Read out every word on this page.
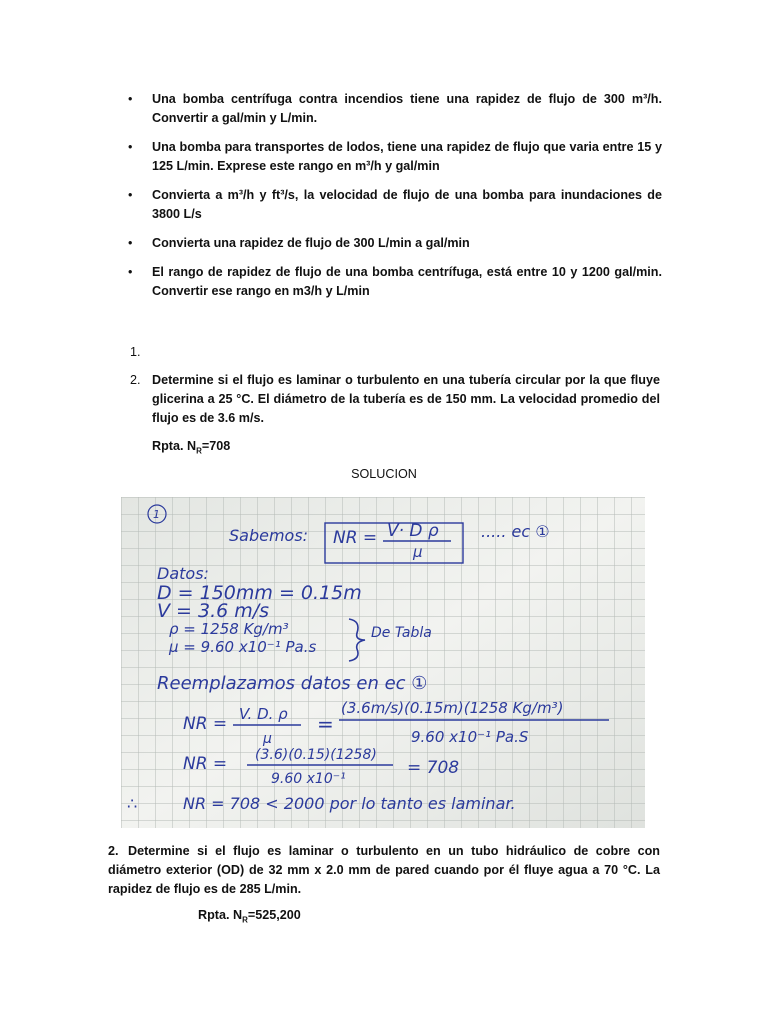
• Una bomba centrífuga contra incendios tiene una rapidez de flujo de 300 m³/h. Convertir a gal/min y L/min.
• Una bomba para transportes de lodos, tiene una rapidez de flujo que varia entre 15 y 125 L/min. Exprese este rango en m³/h y gal/min
• Convierta a m³/h y ft³/s, la velocidad de flujo de una bomba para inundaciones de 3800 L/s
• Convierta una rapidez de flujo de 300 L/min a gal/min
• El rango de rapidez de flujo de una bomba centrífuga, está entre 10 y 1200 gal/min. Convertir ese rango en m3/h y L/min
1.
2. Determine si el flujo es laminar o turbulento en una tubería circular por la que fluye glicerina a 25 °C. El diámetro de la tubería es de 150 mm. La velocidad promedio del flujo es de 3.6 m/s.
Rpta. $N_R=708$
SOLUCION
1
Sabemos: NR = V· D ρ
μ
..... ec ①
Datos:
D = 150mm = 0.15m
V = 3.6 m/s
ρ = 1258 Kg/m³
μ = 9.60 x10⁻¹ Pa.s
De Tabla
Reemplazamos datos en ec ①
NR = V. D. ρ
μ
=
(3.6m/s)(0.15m)(1258 Kg/m³)
9.60 x10⁻¹ Pa.S
NR = (3.6)(0.15)(1258)
9.60 x10⁻¹
= 708
∴	NR = 708 < 2000 por lo tanto es laminar.
2. Determine si el flujo es laminar o turbulento en un tubo hidráulico de cobre con diámetro exterior (OD) de 32 mm x 2.0 mm de pared cuando por él fluye agua a 70 °C. La rapidez de flujo es de 285 L/min.
Rpta. $N_R=525,200$
